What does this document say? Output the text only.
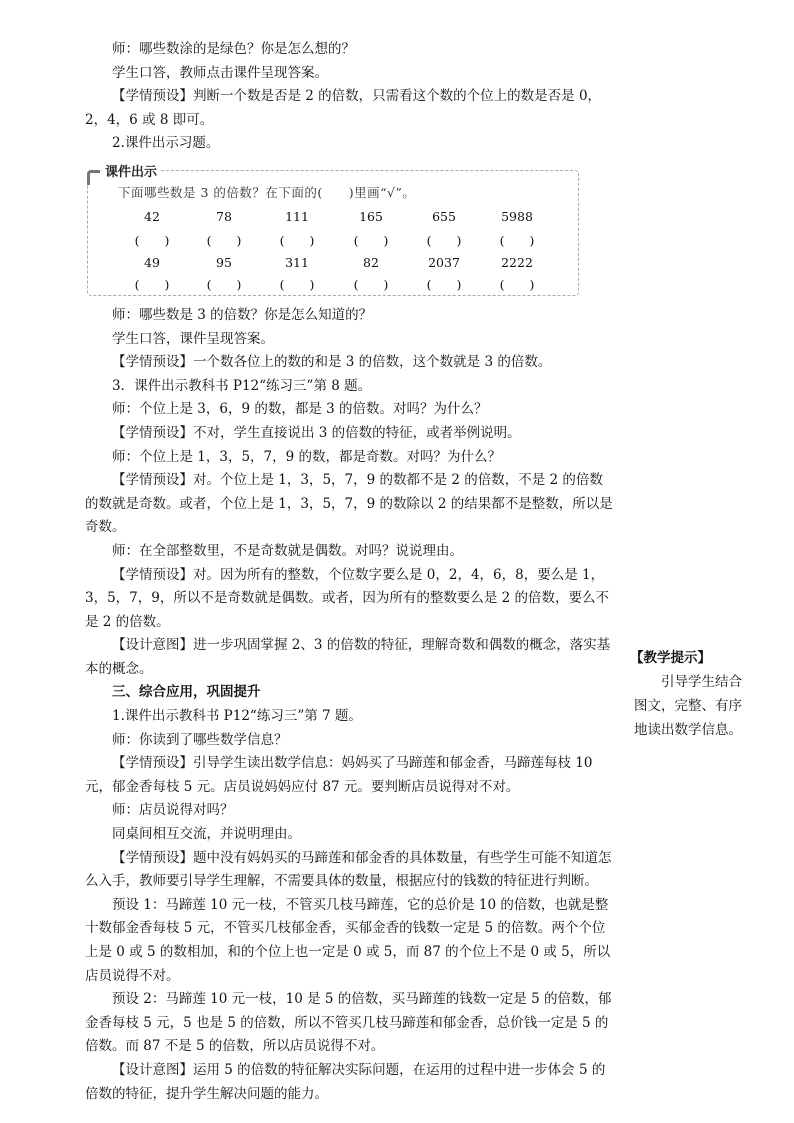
师：哪些数涂的是绿色？你是怎么想的？
学生口答，教师点击课件呈现答案。
【学情预设】判断一个数是否是 2 的倍数，只需看这个数的个位上的数是否是 0，2，4，6 或 8 即可。
2.课件出示习题。
课件出示
下面哪些数是 3 的倍数？在下面的(　　)里画“√”。
42	78	111	165	655	5988
(　　)	(　　)	(　　)	(　　)	(　　)	(　　)
49	95	311	82	2037	2222
(　　)	(　　)	(　　)	(　　)	(　　)	(　　)
师：哪些数是 3 的倍数？你是怎么知道的？
学生口答，课件呈现答案。
【学情预设】一个数各位上的数的和是 3 的倍数，这个数就是 3 的倍数。
3．课件出示教科书 P12“练习三”第 8 题。
师：个位上是 3，6，9 的数，都是 3 的倍数。对吗？为什么？
【学情预设】不对，学生直接说出 3 的倍数的特征，或者举例说明。
师：个位上是 1，3，5，7，9 的数，都是奇数。对吗？为什么？
【学情预设】对。个位上是 1，3，5，7，9 的数都不是 2 的倍数，不是 2 的倍数的数就是奇数。或者，个位上是 1，3，5，7，9 的数除以 2 的结果都不是整数，所以是奇数。
师：在全部整数里，不是奇数就是偶数。对吗？说说理由。
【学情预设】对。因为所有的整数，个位数字要么是 0，2，4，6，8，要么是 1，3，5，7，9，所以不是奇数就是偶数。或者，因为所有的整数要么是 2 的倍数，要么不是 2 的倍数。
【设计意图】进一步巩固掌握 2、3 的倍数的特征，理解奇数和偶数的概念，落实基本的概念。
三、综合应用，巩固提升
1.课件出示教科书 P12“练习三”第 7 题。
师：你读到了哪些数学信息？
【学情预设】引导学生读出数学信息：妈妈买了马蹄莲和郁金香，马蹄莲每枝 10 元，郁金香每枝 5 元。店员说妈妈应付 87 元。要判断店员说得对不对。
师：店员说得对吗？
同桌间相互交流，并说明理由。
【学情预设】题中没有妈妈买的马蹄莲和郁金香的具体数量，有些学生可能不知道怎么入手，教师要引导学生理解，不需要具体的数量，根据应付的钱数的特征进行判断。
预设 1：马蹄莲 10 元一枝，不管买几枝马蹄莲，它的总价是 10 的倍数，也就是整十数郁金香每枝 5 元，不管买几枝郁金香，买郁金香的钱数一定是 5 的倍数。两个个位上是 0 或 5 的数相加，和的个位上也一定是 0 或 5，而 87 的个位上不是 0 或 5，所以店员说得不对。
预设 2：马蹄莲 10 元一枝，10 是 5 的倍数，买马蹄莲的钱数一定是 5 的倍数，郁金香每枝 5 元，5 也是 5 的倍数，所以不管买几枝马蹄莲和郁金香，总价钱一定是 5 的倍数。而 87 不是 5 的倍数，所以店员说得不对。
【设计意图】运用 5 的倍数的特征解决实际问题，在运用的过程中进一步体会 5 的倍数的特征，提升学生解决问题的能力。
【教学提示】
引导学生结合图文，完整、有序地读出数学信息。
